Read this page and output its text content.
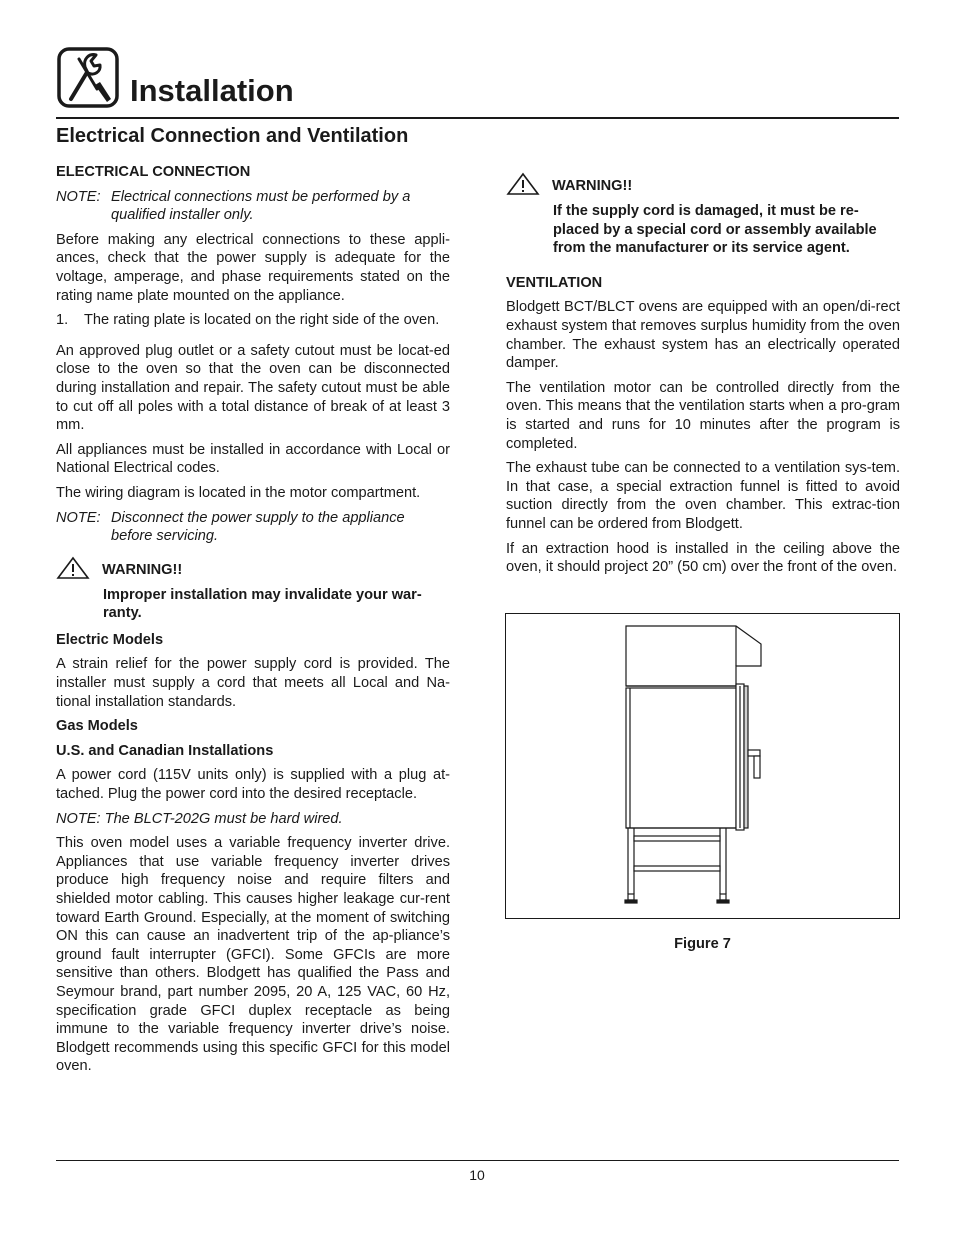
Installation
Electrical Connection and Ventilation
ELECTRICAL CONNECTION
NOTE: Electrical connections must be performed by a qualified installer only.

Before making any electrical connections to these appli-ances, check that the power supply is adequate for the voltage, amperage, and phase requirements stated on the rating name plate mounted on the appliance.

1.	The rating plate is located on the right side of the oven.

An approved plug outlet or a safety cutout must be locat-ed close to the oven so that the oven can be disconnected during installation and repair. The safety cutout must be able to cut off all poles with a total distance of break of at least 3 mm.

All appliances must be installed in accordance with Local or National Electrical codes.

The wiring diagram is located in the motor compartment.

NOTE: Disconnect the power supply to the appliance before servicing.
WARNING!!
Improper installation may invalidate your war-ranty.
Electric Models

A strain relief for the power supply cord is provided. The installer must supply a cord that meets all Local and Na-tional installation standards.

Gas Models
U.S. and Canadian Installations

A power cord (115V units only) is supplied with a plug at-tached. Plug the power cord into the desired receptacle.

NOTE: The BLCT-202G must be hard wired.

This oven model uses a variable frequency inverter drive. Appliances that use variable frequency inverter drives produce high frequency noise and require filters and shielded motor cabling. This causes higher leakage cur-rent toward Earth Ground. Especially, at the moment of switching ON this can cause an inadvertent trip of the ap-pliance’s ground fault interrupter (GFCI). Some GFCIs are more sensitive than others. Blodgett has qualified the Pass and Seymour brand, part number 2095, 20 A, 125 VAC, 60 Hz, specification grade GFCI duplex receptacle as being immune to the variable frequency inverter drive’s noise. Blodgett recommends using this specific GFCI for this model oven.

WARNING!!
If the supply cord is damaged, it must be re-placed by a special cord or assembly available from the manufacturer or its service agent.
VENTILATION

Blodgett BCT/BLCT ovens are equipped with an open/di-rect exhaust system that removes surplus humidity from the oven chamber. The exhaust system has an electrically operated damper.

The ventilation motor can be controlled directly from the oven. This means that the ventilation starts when a pro-gram is started and runs for 10 minutes after the program is completed.

The exhaust tube can be connected to a ventilation sys-tem. In that case, a special extraction funnel is fitted to avoid suction directly from the oven chamber. This extrac-tion funnel can be ordered from Blodgett.

If an extraction hood is installed in the ceiling above the oven, it should project 20” (50 cm) over the front of the oven.

Figure 7
10
